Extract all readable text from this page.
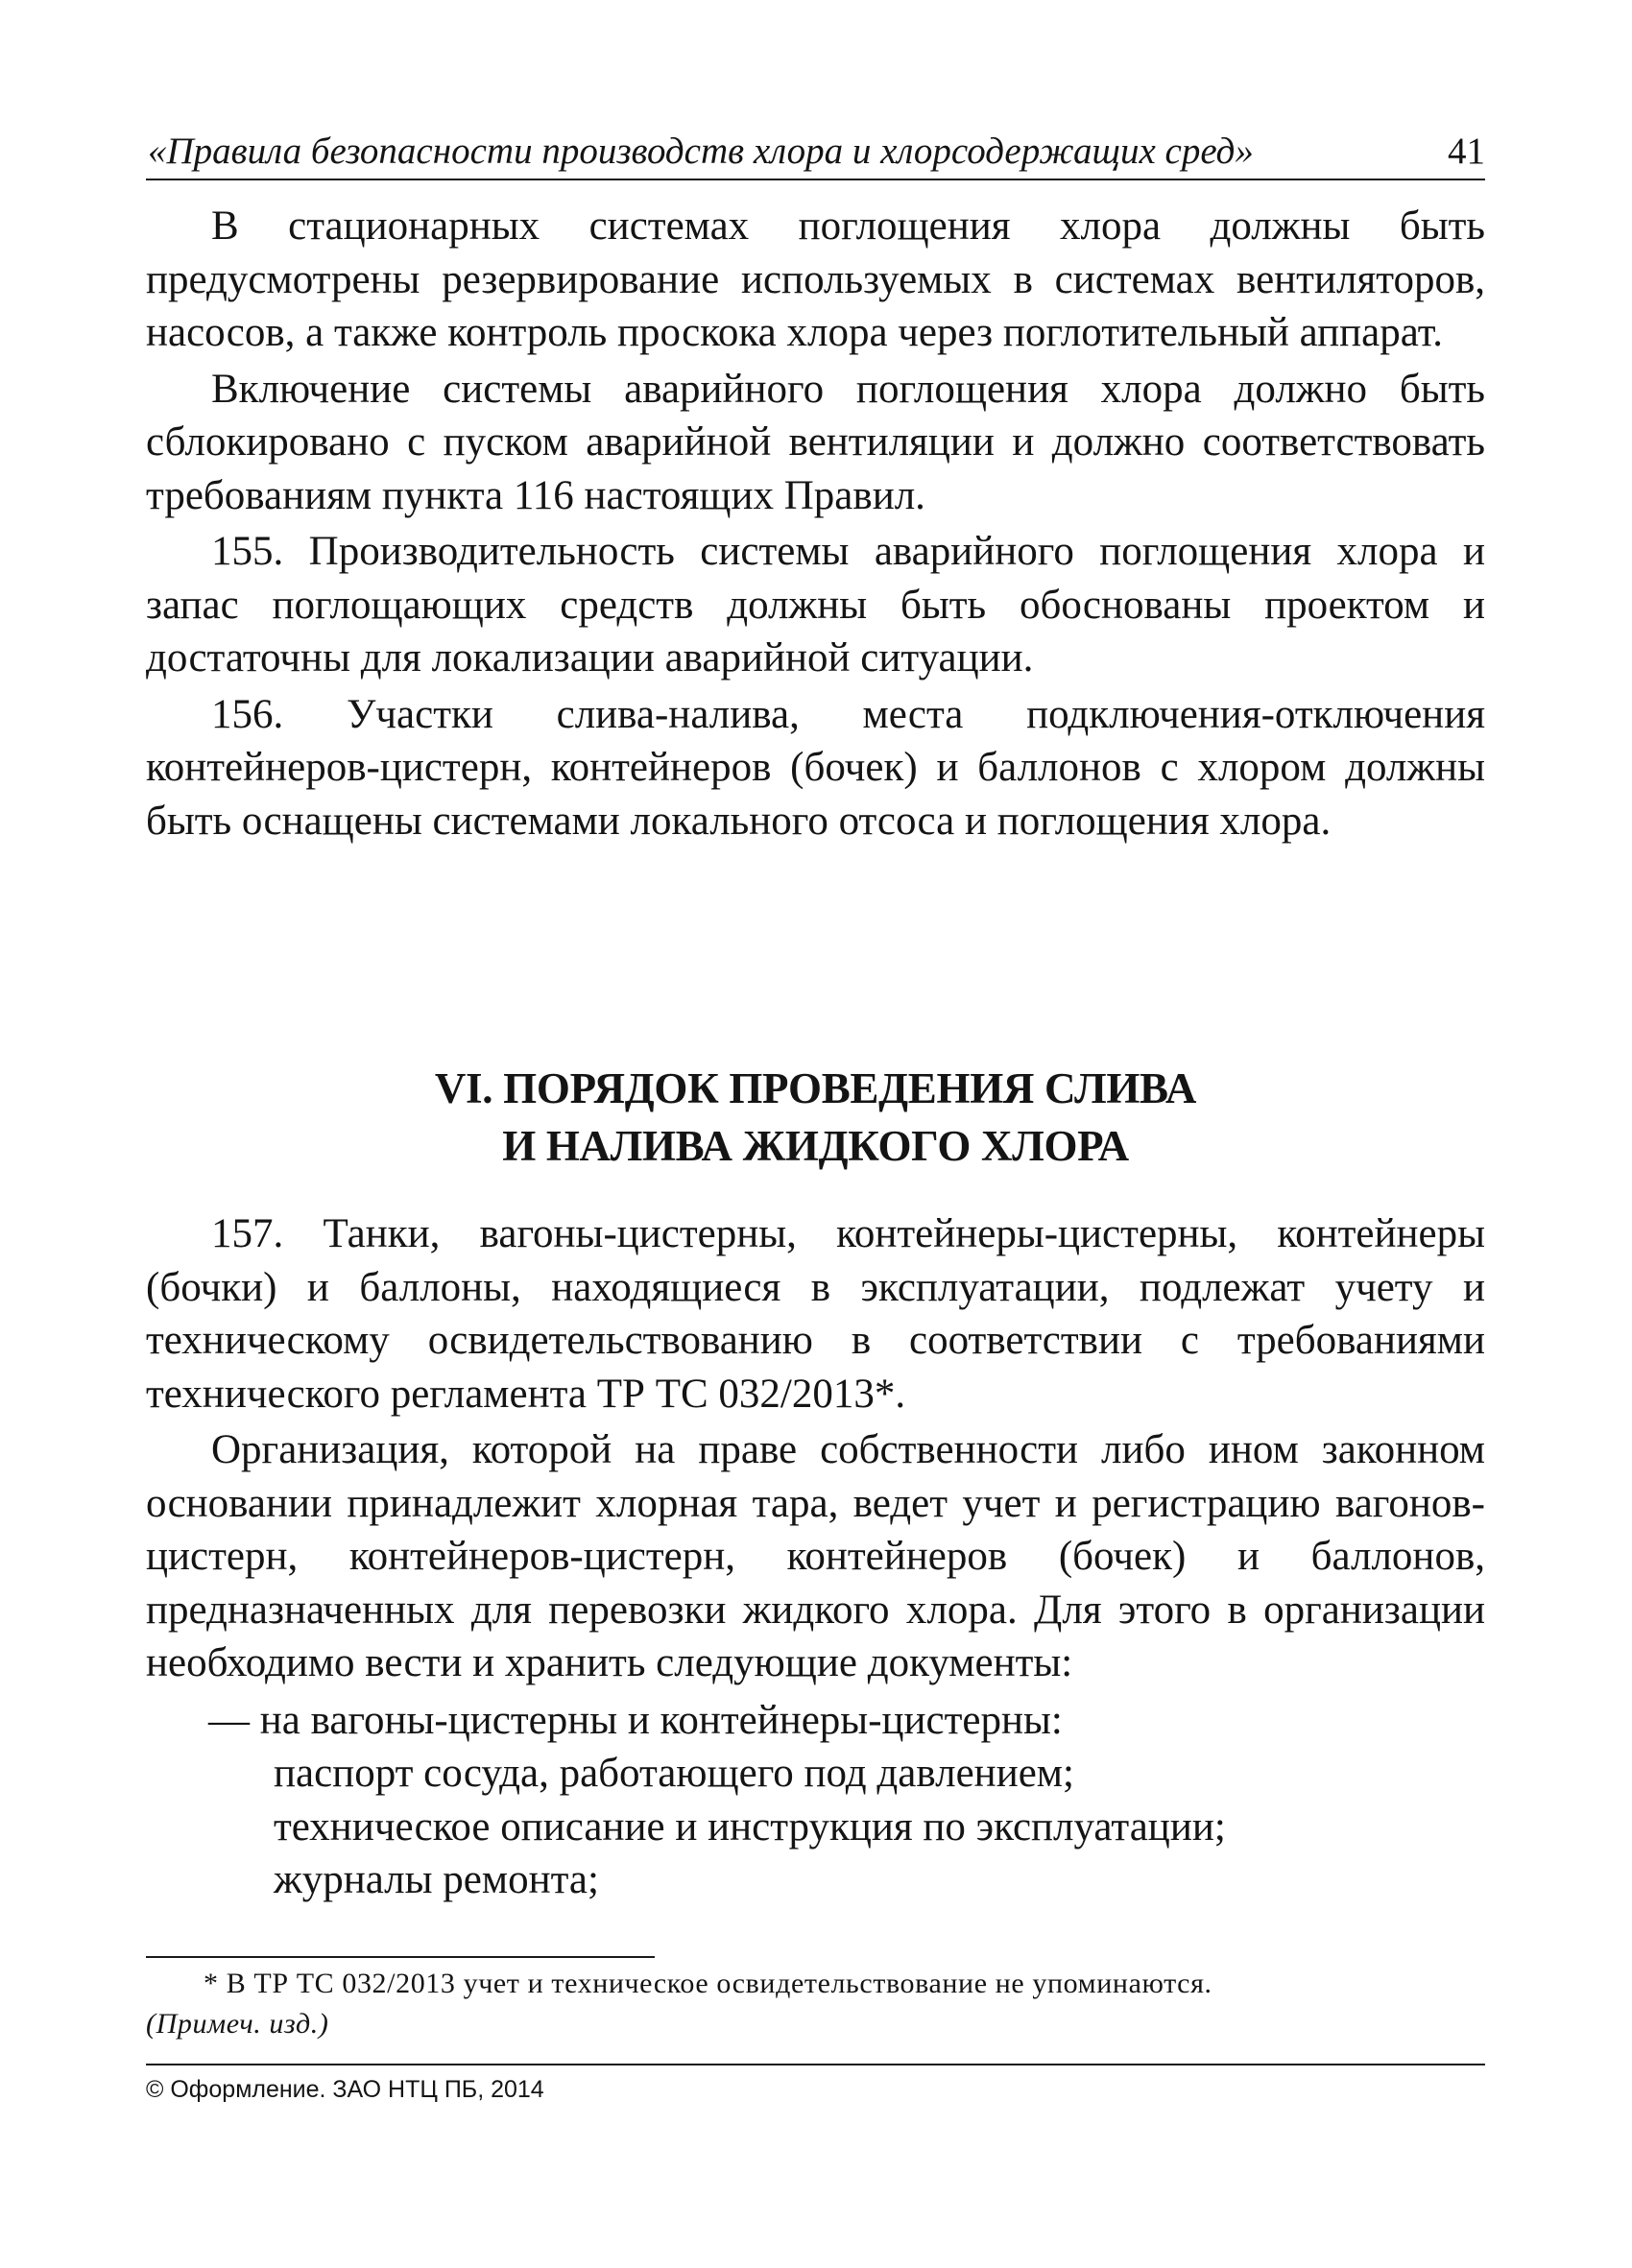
«Правила безопасности производств хлора и хлорсодержащих сред»	41

В стационарных системах поглощения хлора должны быть предусмотрены резервирование используемых в системах вентиляторов, насосов, а также контроль проскока хлора через поглотительный аппарат.

Включение системы аварийного поглощения хлора должно быть сблокировано с пуском аварийной вентиляции и должно соответствовать требованиям пункта 116 настоящих Правил.

155. Производительность системы аварийного поглощения хлора и запас поглощающих средств должны быть обоснованы проектом и достаточны для локализации аварийной ситуации.

156. Участки слива-налива, места подключения-отключения контейнеров-цистерн, контейнеров (бочек) и баллонов с хлором должны быть оснащены системами локального отсоса и поглощения хлора.

VI. ПОРЯДОК ПРОВЕДЕНИЯ СЛИВА
И НАЛИВА ЖИДКОГО ХЛОРА

157. Танки, вагоны-цистерны, контейнеры-цистерны, контейнеры (бочки) и баллоны, находящиеся в эксплуатации, подлежат учету и техническому освидетельствованию в соответствии с требованиями технического регламента ТР ТС 032/2013*.

Организация, которой на праве собственности либо ином законном основании принадлежит хлорная тара, ведет учет и регистрацию вагонов-цистерн, контейнеров-цистерн, контейнеров (бочек) и баллонов, предназначенных для перевозки жидкого хлора. Для этого в организации необходимо вести и хранить следующие документы:

— на вагоны-цистерны и контейнеры-цистерны:
паспорт сосуда, работающего под давлением;
техническое описание и инструкция по эксплуатации;
журналы ремонта;
* В ТР ТС 032/2013 учет и техническое освидетельствование не упоминаются.
(Примеч. изд.)
© Оформление. ЗАО НТЦ ПБ, 2014
